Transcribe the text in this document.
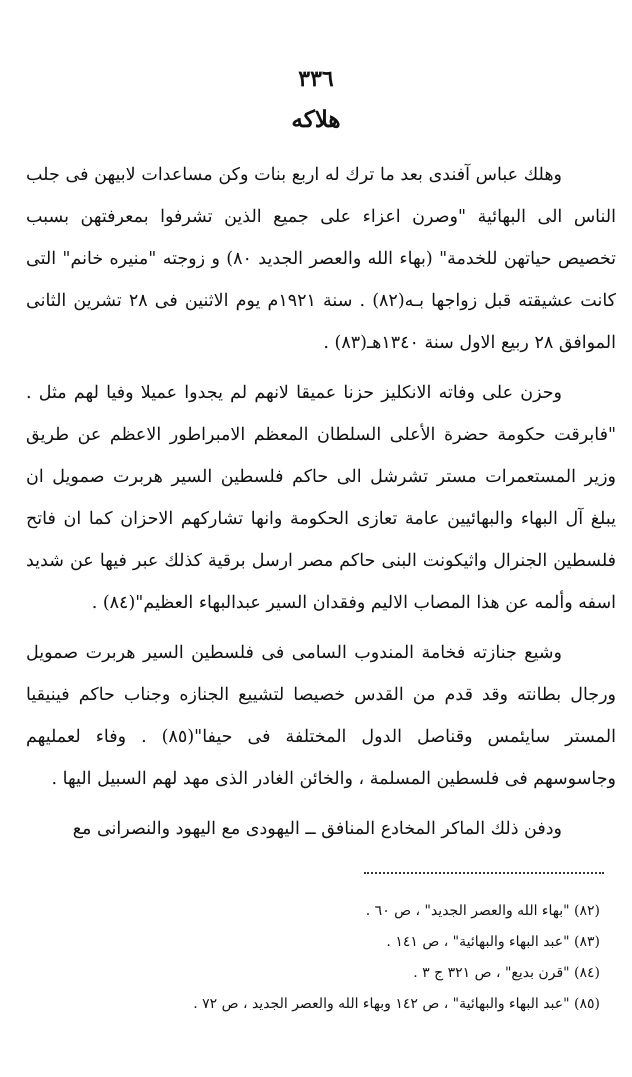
٣٣٦
هلاكه

وهلك عباس آفندى بعد ما ترك له اربع بنات وكن مساعدات لابيهن فى جلب الناس الى البهائية "وصرن اعزاء على جميع الذين تشرفوا بمعرفتهن بسبب تخصيص حياتهن للخدمة" (بهاء الله والعصر الجديد ٨٠) و زوجته "منيره خانم" التى كانت عشيقته قبل زواجها بـه(٨٢) . سنة ١٩٢١م يوم الاثنين فى ٢٨ تشرين الثانى الموافق ٢٨ ربيع الاول سنة ١٣٤٠هـ(٨٣) .

وحزن على وفاته الانكليز حزنا عميقا لانهم لم يجدوا عميلا وفيا لهم مثل . "فابرقت حكومة حضرة الأعلى السلطان المعظم الامبراطور الاعظم عن طريق وزير المستعمرات مستر تشرشل الى حاكم فلسطين السير هربرت صمويل ان يبلغ آل البهاء والبهائيين عامة تعازى الحكومة وانها تشاركهم الاحزان كما ان فاتح فلسطين الجنرال واثيكونت البنى حاكم مصر ارسل برقية كذلك عبر فيها عن شديد اسفه وألمه عن هذا المصاب الاليم وفقدان السير عبدالبهاء العظيم"(٨٤) .

وشيع جنازته فخامة المندوب السامى فى فلسطين السير هربرت صمويل ورجال بطانته وقد قدم من القدس خصيصا لتشييع الجنازه وجناب حاكم فينيقيا المستر سايئمس وقناصل الدول المختلفة فى حيفا"(٨٥) . وفاء لعمليهم وجاسوسهم فى فلسطين المسلمة ، والخائن الغادر الذى مهد لهم السبيل اليها .

ودفن ذلك الماكر المخادع المنافق ــ اليهودى مع اليهود والنصرانى مع

(٨٢) "بهاء الله والعصر الجديد" ، ص ٦٠ .
(٨٣) "عبد البهاء والبهائية" ، ص ١٤١ .
(٨٤) "قرن بديع" ، ص ٣٢١ ج ٣ .
(٨٥) "عبد البهاء والبهائية" ، ص ١٤٢ وبهاء الله والعصر الجديد ، ص ٧٢ .
